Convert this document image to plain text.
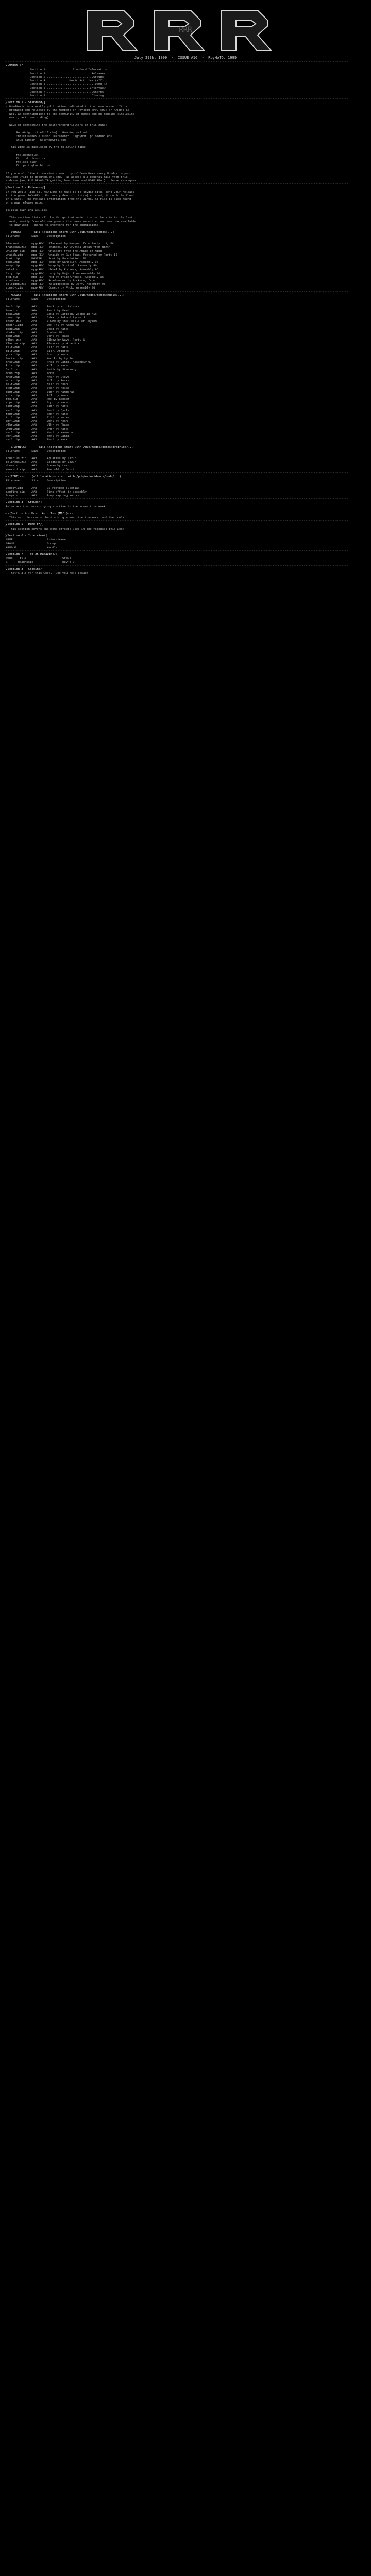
RRR
July 29th, 1999  -  ISSUE #16  -  RoyHoTO, 1999
--------------------------------------------------------------------------------------------------------------------------------------------------------------------------------------------------------
[/CONTENTS/]
Section 1................Standard Information
Section 2...........................Releases
Section 3............................Groups
Section 4..............Music Articles (MIC)
Section 5.............................Demo FX
Section 6..........................Interview
Section 7............................Charts
Section 8...........................Closing
--------------------------------------------------------------------------------------------------------------------------------------------------------------------------------------------------------
[/Section 1 - Standard/]
- RoadMusic is a weekly publication dedicated to the demo scene.  It is
produced and released by the members of RoyHoTO (PVC ROOT or MARRY) as
well as contributions to the community of demos and pc-modding (including
music, art, and coding).

- Ways of contacting the editors/contributors of this zine:

Roo-Wright (theTolltobo):  RoadMop.srl.edu
ChristiaaneS & Music Testament:  CTgoyNotu.pc.oldsnd.edu
Stub Tamper:  STerjm@wrml.com

This zine is discussed by the following fips:

ftp.glonde.cl
ftp.ind.oldsnd.cs
ftp.sce.qiar
ftp.perthqbashbir.de

If you would like to receive a new copy of Demo News every Monday to your
mailbox write to RoadMop.srl.edu.  We accept all general mail from this
address (and RLP DEMOS YB getting Demo News and MORE REV!)  please re-request!
--------------------------------------------------------------------------------------------------------------------------------------------------------------------------------------------------------
[/Section 2 - Releases/]
If you would like all new Demo to make it to Roydam site, send your release
to the group DMV-REV.  For every demo (or intro) entered, it could be found
on a site.  The release information from the DEMOS.TXT file is also found
on a new release page.

RELEASE INFO FOR DMV-REV:

This section lists all the things that made it onto the site in the last
week, mostly from old new groups that were submitted and are now available
to download.  Thanks to everyone for the submissions.
--------------------------------------------------------------------------------------------------------------------------------------------------------------------------------------------------------
---(DEMOS)---    (all locations start with /pub/msdos/demos/...)
Filename       Size     Description

blackout.zip   mpg-REV   Blackout by Marque, from Party 1.1, PC
tranceiu.zip   mpg-REV   Tranceiu by Crystal Dream from Ninth
whispur.zip    mpg-REV   Whispers from the Amiga of Mind
wraith.zip     mpg-REV   Wraith by Sys Team, featured on Party II
boot.zip       MASTER    Boot by Foundation, PC
oops.zip       mpg-REV   oops by Sanction, Assembly 96
wasp.zip       mpg-REV   Wasp by Virtual, Assembly 96
ukkel.zip      mpg-REV   Ukkel by Rockers, Assembly 96
lazy.zip       mpg-REV   Lazy by Maja, from Assembly 96
rxd.zip        mpg-REV   rxd by Triton/Mekka, Assembly 96
roadrunr.zip   mpg-REV   Roadrunner by Rockers, from
kaleidop.zip   mpg-REV   Kaleidoscope by Jeff, Assembly 96
comedy.zip     mpg-REV   Comedy by Fnok, Assembly 96
--------------------------------------------------------------------------------------------------------------------------------------------------------------------------------------------------------
---(MUSIC)---    (all locations start with /pub/msdos/demos/music/...)
Filename       Size     Description

bmr3.zip       AA3      Bmr3 by Mr. Balance
baart.zip      AAA      Baart by Kesh
baka.zip       AA3      Baka by Cartoon, Zeppelin Mix
c-ma.zip       AA3      C-Ma by Inka & Pyramid
cfsmr.zip      AA3      CFSMR by the People of Rhythm
dmxtrl.zip     AA3      Dmx Trl by Kammerad
dogg.zip       AA3      Dogg by Nate
drmkmr.zip     AA3      Drmkmr Mix
dsnt.zip       AA3      Dsnt by Phase
elbow.zip      AA3      Elbow by Wave, Party 1
flavrsv.zip    AA3      Flavrsv by Hope Mix
fplr.zip       AA3      Fplr by Mark
gilr.zip       AA3      Gilr, Arthrex
grrr.zip       AA3      Grrr by Kesh
hmctkr.zip     AA3      Hmctkr by Cycle
hrse.zip       AA3      Hrse by Danti, Assembly 97
knlr.zip       AA3      Knlr by Hare
lmtlr.zip      AA3      Lmtlr by Starsong
mchn.zip       AA3      Mchn
mnsr.zip       AA3      Mnsr by Steve
mplr.zip       AA3      Mplr by Rocker
nglr.zip       AA3      Nglr by Kesh
okgr.zip       AA3      Okgr by Noise
qlmr.zip       AA3      Qlmr by Kammerad
rdlr.zip       AA3      Rdlr by Mono
rmx.zip        AA3      Rmx by Sensor
scpr.zip       AA3      Scpr by Hare
slmr.zip       AA3      Slmr by Mark
smrl.zip       AA3      Smrl by Cycle
tmbr.zip       AA3      Tmbr by Nate
trtl.zip       AA3      Trtl by Noise
umrl.zip       AA3      Umrl by Kesh
vlkr.zip       AA3      Vlkr by Phase
wrmr.zip       AA3      Wrmr by Nate
xmrl.zip       AA3      Xmrl by Kammerad
ymrl.zip       AA3      Ymrl by Danti
zmrl.zip       AA3      Zmrl by Mark
--------------------------------------------------------------------------------------------------------------------------------------------------------------------------------------------------------
---(GRAPHICS)---    (all locations start with /pub/msdos/demos/graphics/...)
Filename       Size     Description

aquarius.zip   AA3      Aquarius by Lazur
baldness.zip   AA3      Baldness by Lazur
dream.zip      AA3      Dream by Lazur
emerald.zip    AA3      Emerald by Danti
--------------------------------------------------------------------------------------------------------------------------------------------------------------------------------------------------------
---(CODE)---    (all locations start with /pub/msdos/demos/code/...)
Filename       Size     Description

3dpoly.zip     AA3      3D Polygon Tutorial
asmfire.zip    AA3      Fire effect in assembly
bumps.zip      AA3      Bump mapping source
--------------------------------------------------------------------------------------------------------------------------------------------------------------------------------------------------------
[/Section 3 - Groups/]
Below are the current groups active in the scene this week.
--------------------------------------------------------------------------------------------------------------------------------------------------------------------------------------------------------
---(Section 4 - Music Articles (MIC))---
This article covers the tracking scene, the trackers, and the tools.
--------------------------------------------------------------------------------------------------------------------------------------------------------------------------------------------------------
[/Section 5 - Demo FX/]
This section covers the demo effects used in the releases this week.
--------------------------------------------------------------------------------------------------------------------------------------------------------------------------------------------------------
[/Section 6 - Interview/]
NAME                    Interviewee
GROUP                   Group
HANDLE                  Handle
--------------------------------------------------------------------------------------------------------------------------------------------------------------------------------------------------------
[/Section 7 - Top 25 Magazine/]
Rank   Title                     Group
1      RoadMusic                 RoyHoTO
--------------------------------------------------------------------------------------------------------------------------------------------------------------------------------------------------------
[/Section 8 - Closing/]
That's all for this week.  See you next issue!
